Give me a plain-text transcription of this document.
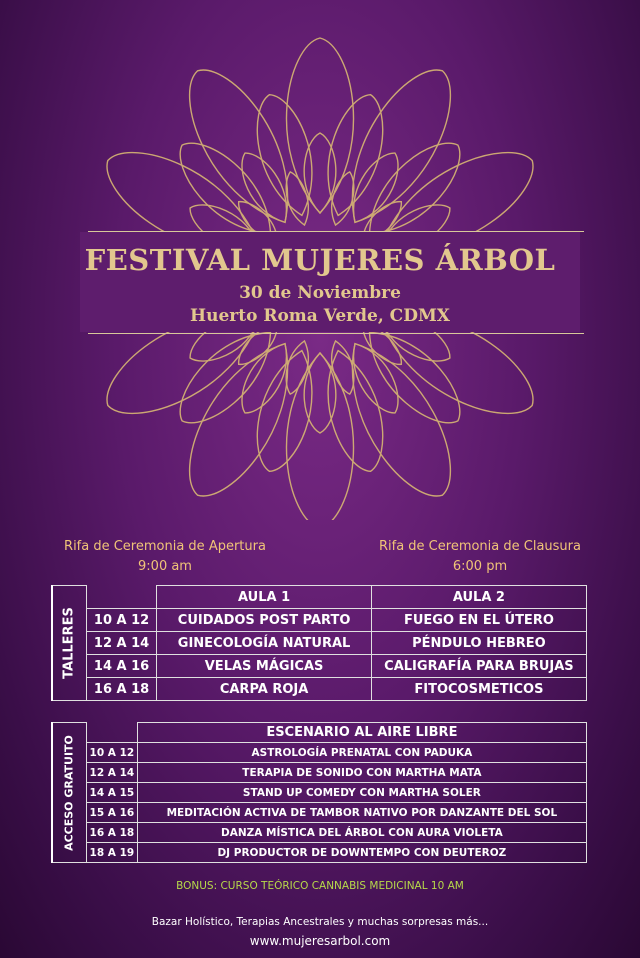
FESTIVAL MUJERES ÁRBOL
30 de Noviembre
Huerto Roma Verde, CDMX
Rifa de Ceremonia de Apertura
9:00 am
Rifa de Ceremonia de Clausura
6:00 pm
TALLERES		AULA 1	AULA 2
	10 A 12	CUIDADOS POST PARTO	FUEGO EN EL ÚTERO
	12 A 14	GINECOLOGÍA NATURAL	PÉNDULO HEBREO
	14 A 16	VELAS MÁGICAS	CALIGRAFÍA PARA BRUJAS
	16 A 18	CARPA ROJA	FITOCOSMETICOS
ACCESO GRATUITO		ESCENARIO AL AIRE LIBRE
	10 A 12	ASTROLOGÍA PRENATAL CON PADUKA
	12 A 14	TERAPIA DE SONIDO CON MARTHA MATA
	14 A 15	STAND UP COMEDY CON MARTHA SOLER
	15 A 16	MEDITACIÓN ACTIVA DE TAMBOR NATIVO POR DANZANTE DEL SOL
	16 A 18	DANZA MÍSTICA DEL ÁRBOL CON AURA VIOLETA
	18 A 19	DJ PRODUCTOR DE DOWNTEMPO CON DEUTEROZ
BONUS: CURSO TEÓRICO CANNABIS MEDICINAL 10 AM
Bazar Holístico, Terapias Ancestrales y muchas sorpresas más...
www.mujeresarbol.com
